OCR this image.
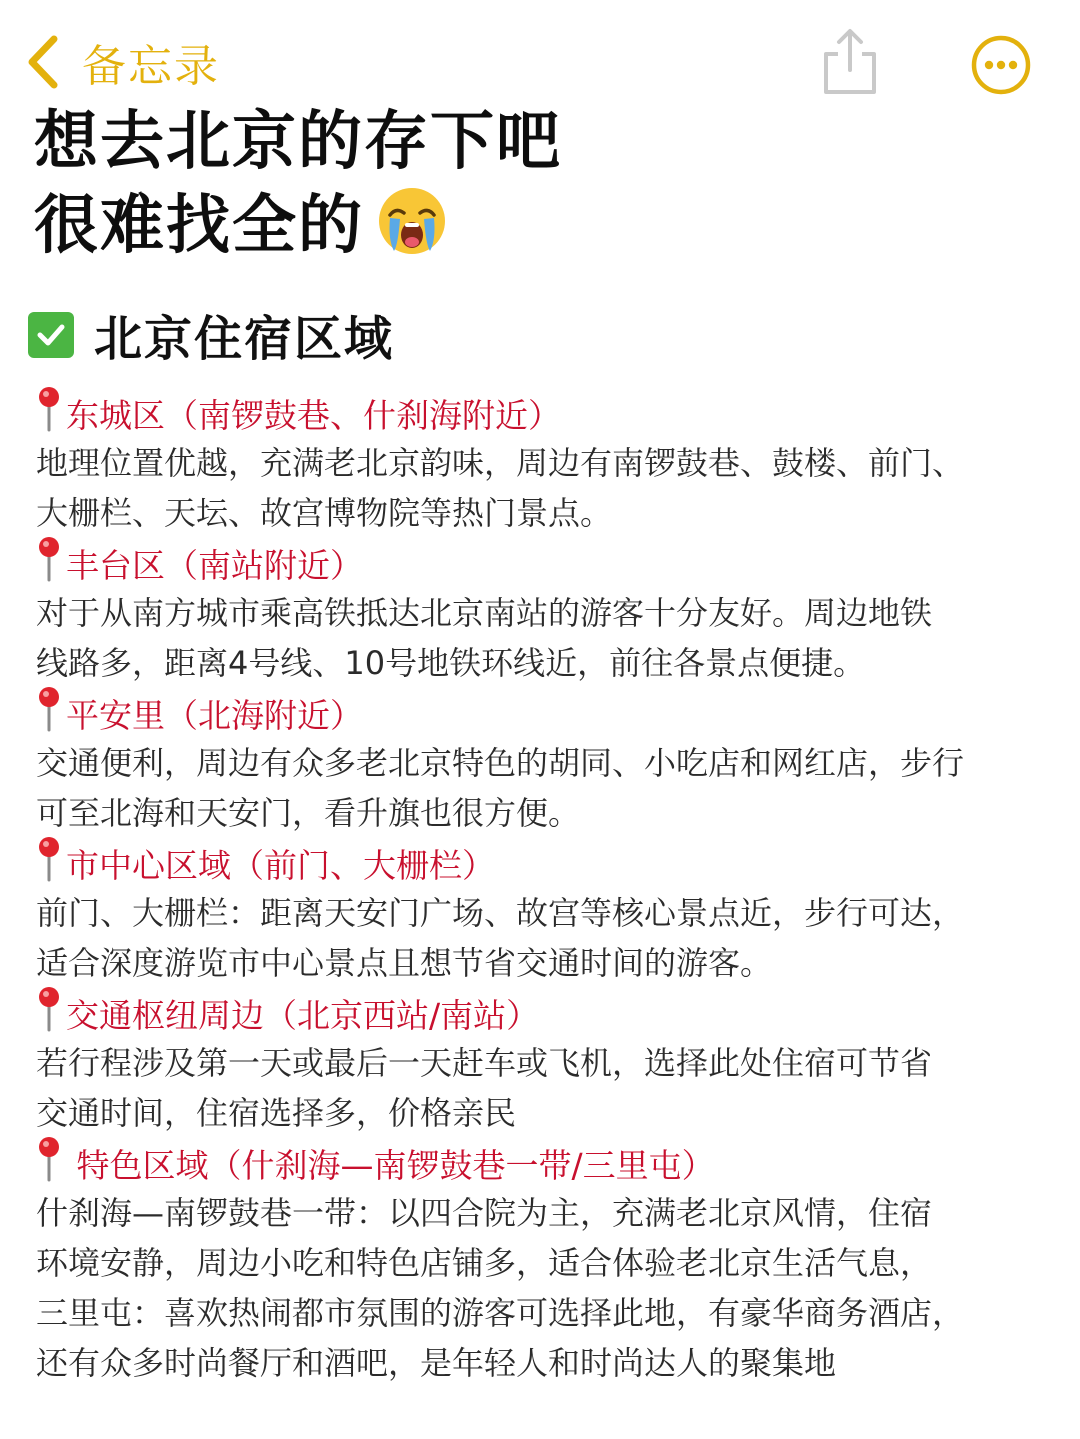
备忘录
想去北京的存下吧
很难找全的
北京住宿区域
东城区（南锣鼓巷、什刹海附近）
地理位置优越，充满老北京韵味，周边有南锣鼓巷、鼓楼、前门、
大栅栏、天坛、故宫博物院等热门景点。
丰台区（南站附近）
对于从南方城市乘高铁抵达北京南站的游客十分友好。周边地铁
线路多，距离4号线、10号地铁环线近，前往各景点便捷。
平安里（北海附近）
交通便利，周边有众多老北京特色的胡同、小吃店和网红店，步行
可至北海和天安门，看升旗也很方便。
市中心区域（前门、大栅栏）
前门、大栅栏：距离天安门广场、故宫等核心景点近，步行可达，
适合深度游览市中心景点且想节省交通时间的游客。
交通枢纽周边（北京西站/南站）
若行程涉及第一天或最后一天赶车或飞机，选择此处住宿可节省
交通时间，住宿选择多，价格亲民
特色区域（什刹海—南锣鼓巷一带/三里屯）
什刹海—南锣鼓巷一带：以四合院为主，充满老北京风情，住宿
环境安静，周边小吃和特色店铺多，适合体验老北京生活气息，
三里屯：喜欢热闹都市氛围的游客可选择此地，有豪华商务酒店，
还有众多时尚餐厅和酒吧，是年轻人和时尚达人的聚集地
